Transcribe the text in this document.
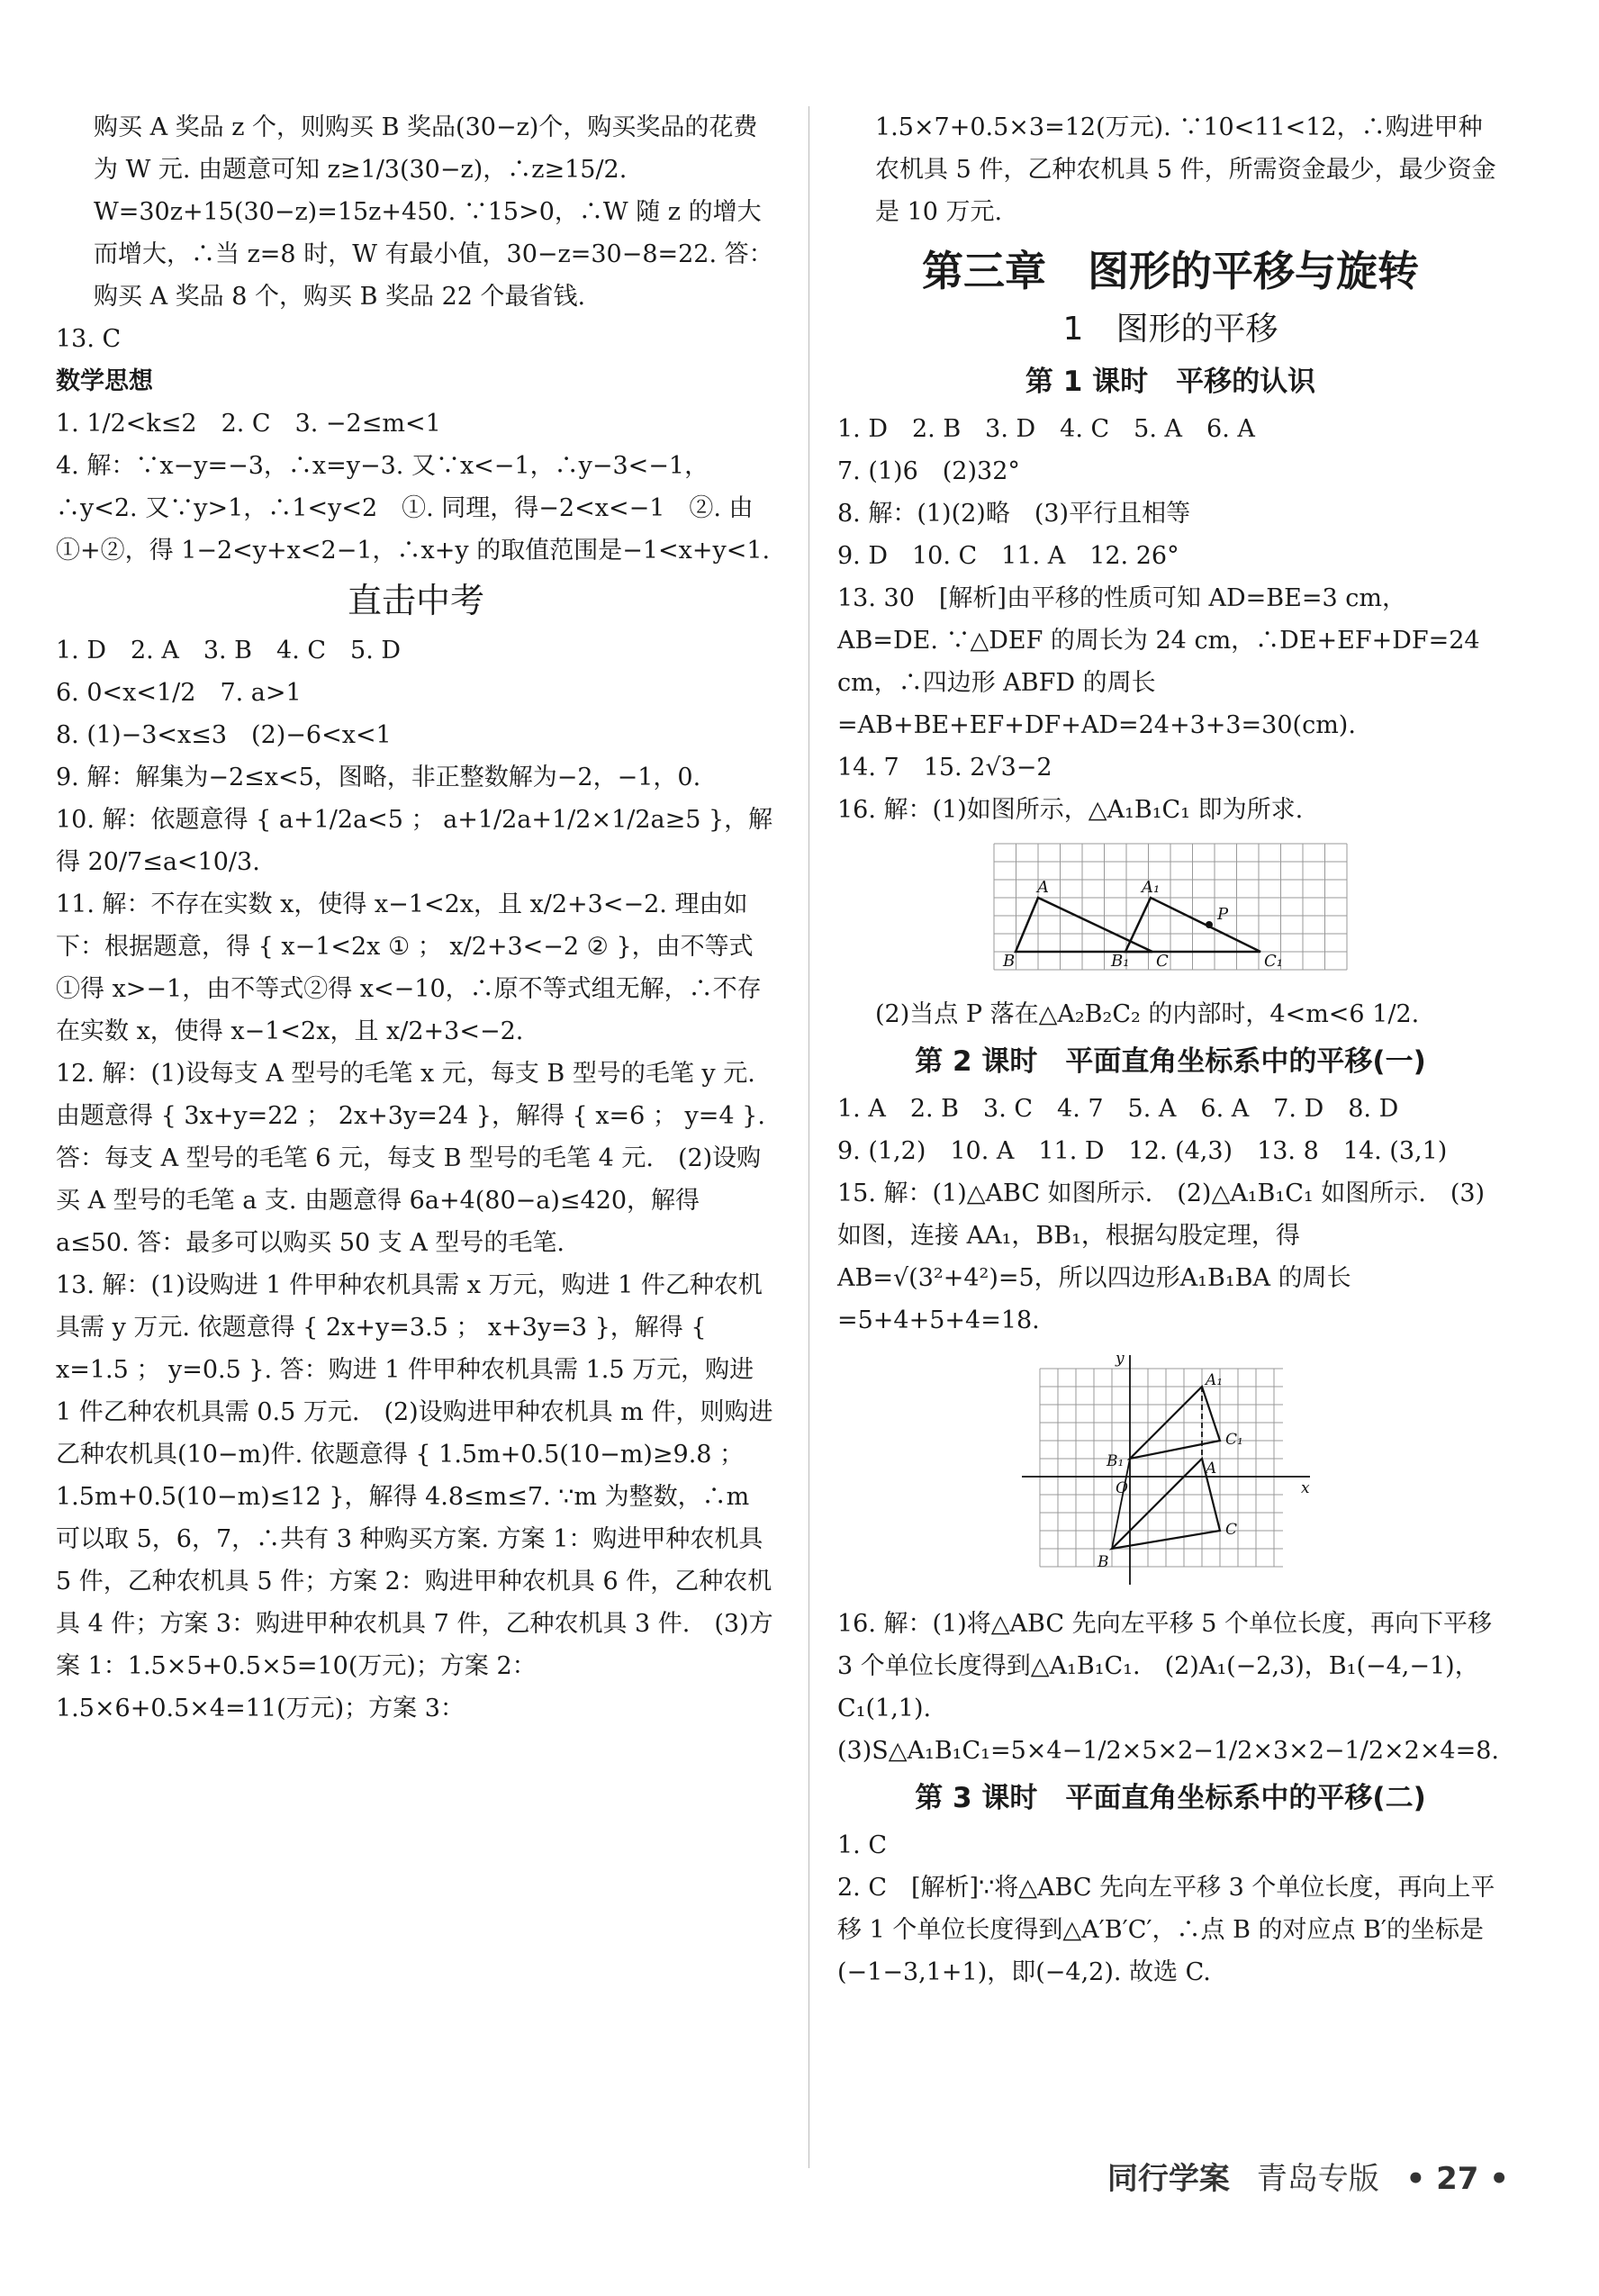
购买 A 奖品 z 个，则购买 B 奖品(30−z)个，购买奖品的花费为 W 元. 由题意可知 z≥1/3(30−z)，∴z≥15/2. W=30z+15(30−z)=15z+450. ∵15>0，∴W 随 z 的增大而增大，∴当 z=8 时，W 有最小值，30−z=30−8=22. 答：购买 A 奖品 8 个，购买 B 奖品 22 个最省钱.
13. C
数学思想
1. 1/2<k≤2　2. C　3. −2≤m<1
4. 解：∵x−y=−3，∴x=y−3. 又∵x<−1，∴y−3<−1，∴y<2. 又∵y>1，∴1<y<2　①. 同理，得−2<x<−1　②. 由①+②，得 1−2<y+x<2−1，∴x+y 的取值范围是−1<x+y<1.
直击中考
1. D　2. A　3. B　4. C　5. D
6. 0<x<1/2　7. a>1
8. (1)−3<x≤3　(2)−6<x<1
9. 解：解集为−2≤x<5，图略，非正整数解为−2，−1，0.
10. 解：依题意得 { a+1/2a<5 ； a+1/2a+1/2×1/2a≥5 }，解得 20/7≤a<10/3.
11. 解：不存在实数 x，使得 x−1<2x，且 x/2+3<−2. 理由如下：根据题意，得 { x−1<2x ① ； x/2+3<−2 ② }，由不等式①得 x>−1，由不等式②得 x<−10，∴原不等式组无解，∴不存在实数 x，使得 x−1<2x，且 x/2+3<−2.
12. 解：(1)设每支 A 型号的毛笔 x 元，每支 B 型号的毛笔 y 元. 由题意得 { 3x+y=22 ； 2x+3y=24 }，解得 { x=6 ； y=4 }. 答：每支 A 型号的毛笔 6 元，每支 B 型号的毛笔 4 元.　(2)设购买 A 型号的毛笔 a 支. 由题意得 6a+4(80−a)≤420，解得 a≤50. 答：最多可以购买 50 支 A 型号的毛笔.
13. 解：(1)设购进 1 件甲种农机具需 x 万元，购进 1 件乙种农机具需 y 万元. 依题意得 { 2x+y=3.5 ； x+3y=3 }，解得 { x=1.5 ； y=0.5 }. 答：购进 1 件甲种农机具需 1.5 万元，购进 1 件乙种农机具需 0.5 万元.　(2)设购进甲种农机具 m 件，则购进乙种农机具(10−m)件. 依题意得 { 1.5m+0.5(10−m)≥9.8 ； 1.5m+0.5(10−m)≤12 }，解得 4.8≤m≤7. ∵m 为整数，∴m 可以取 5，6，7，∴共有 3 种购买方案. 方案 1：购进甲种农机具 5 件，乙种农机具 5 件；方案 2：购进甲种农机具 6 件，乙种农机具 4 件；方案 3：购进甲种农机具 7 件，乙种农机具 3 件.　(3)方案 1：1.5×5+0.5×5=10(万元)；方案 2：1.5×6+0.5×4=11(万元)；方案 3：
1.5×7+0.5×3=12(万元). ∵10<11<12，∴购进甲种农机具 5 件，乙种农机具 5 件，所需资金最少，最少资金是 10 万元.
第三章　图形的平移与旋转
1　图形的平移
第 1 课时　平移的认识
1. D　2. B　3. D　4. C　5. A　6. A
7. (1)6　(2)32°
8. 解：(1)(2)略　(3)平行且相等
9. D　10. C　11. A　12. 26°
13. 30　[解析]由平移的性质可知 AD=BE=3 cm，AB=DE. ∵△DEF 的周长为 24 cm，∴DE+EF+DF=24 cm，∴四边形 ABFD 的周长=AB+BE+EF+DF+AD=24+3+3=30(cm).
14. 7　15. 2√3−2
16. 解：(1)如图所示，△A₁B₁C₁ 即为所求.
A	A₁
P
B	B₁ C	C₁
(2)当点 P 落在△A₂B₂C₂ 的内部时，4<m<6 1/2.
第 2 课时　平面直角坐标系中的平移(一)
1. A　2. B　3. C　4. 7　5. A　6. A　7. D　8. D
9. (1,2)　10. A　11. D　12. (4,3)　13. 8　14. (3,1)
15. 解：(1)△ABC 如图所示.　(2)△A₁B₁C₁ 如图所示.　(3)如图，连接 AA₁，BB₁，根据勾股定理，得 AB=√(3²+4²)=5，所以四边形A₁B₁BA 的周长=5+4+5+4=18.
y
x
O
A
A₁
B
B₁
C
C₁
16. 解：(1)将△ABC 先向左平移 5 个单位长度，再向下平移 3 个单位长度得到△A₁B₁C₁.　(2)A₁(−2,3)，B₁(−4,−1)，C₁(1,1).　(3)S△A₁B₁C₁=5×4−1/2×5×2−1/2×3×2−1/2×2×4=8.
第 3 课时　平面直角坐标系中的平移(二)
1. C
2. C　[解析]∵将△ABC 先向左平移 3 个单位长度，再向上平移 1 个单位长度得到△A′B′C′，∴点 B 的对应点 B′的坐标是(−1−3,1+1)，即(−4,2). 故选 C.
同行学案 青岛专版 • 27 •
